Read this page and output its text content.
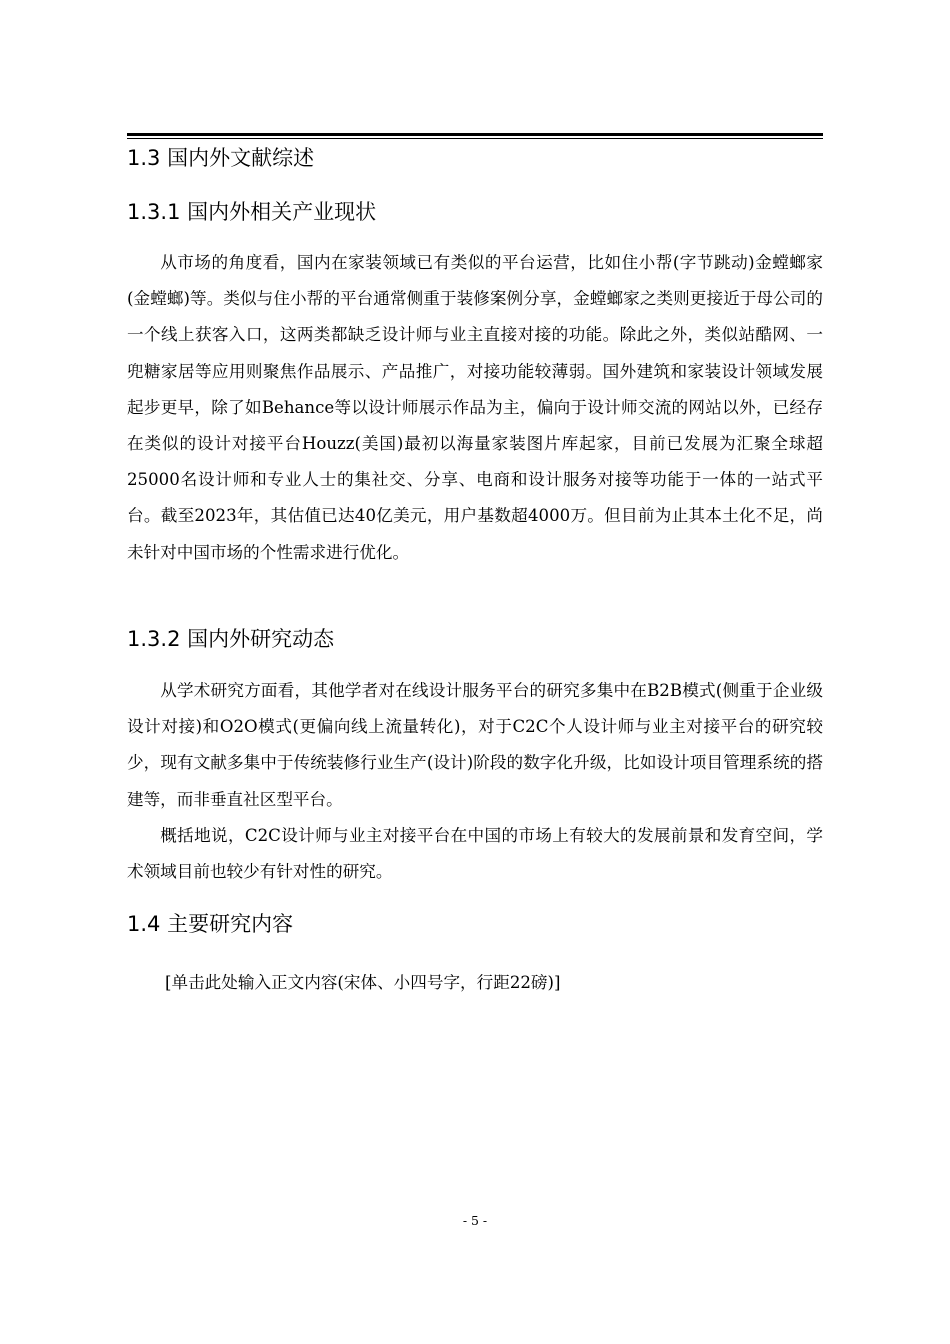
1.3 国内外文献综述
1.3.1 国内外相关产业现状

从市场的角度看，国内在家装领域已有类似的平台运营，比如住小帮(字节跳动)金螳螂家(金螳螂)等。类似与住小帮的平台通常侧重于装修案例分享，金螳螂家之类则更接近于母公司的一个线上获客入口，这两类都缺乏设计师与业主直接对接的功能。除此之外，类似站酷网、一兜糖家居等应用则聚焦作品展示、产品推广，对接功能较薄弱。国外建筑和家装设计领域发展起步更早，除了如Behance等以设计师展示作品为主，偏向于设计师交流的网站以外，已经存在类似的设计对接平台Houzz(美国)最初以海量家装图片库起家，目前已发展为汇聚全球超25000名设计师和专业人士的集社交、分享、电商和设计服务对接等功能于一体的一站式平台。截至2023年，其估值已达40亿美元，用户基数超4000万。但目前为止其本土化不足，尚未针对中国市场的个性需求进行优化。

1.3.2 国内外研究动态

从学术研究方面看，其他学者对在线设计服务平台的研究多集中在B2B模式(侧重于企业级设计对接)和O2O模式(更偏向线上流量转化)，对于C2C个人设计师与业主对接平台的研究较少，现有文献多集中于传统装修行业生产(设计)阶段的数字化升级，比如设计项目管理系统的搭建等，而非垂直社区型平台。

概括地说，C2C设计师与业主对接平台在中国的市场上有较大的发展前景和发育空间，学术领域目前也较少有针对性的研究。

1.4 主要研究内容

[单击此处输入正文内容(宋体、小四号字，行距22磅)]

- 5 -
